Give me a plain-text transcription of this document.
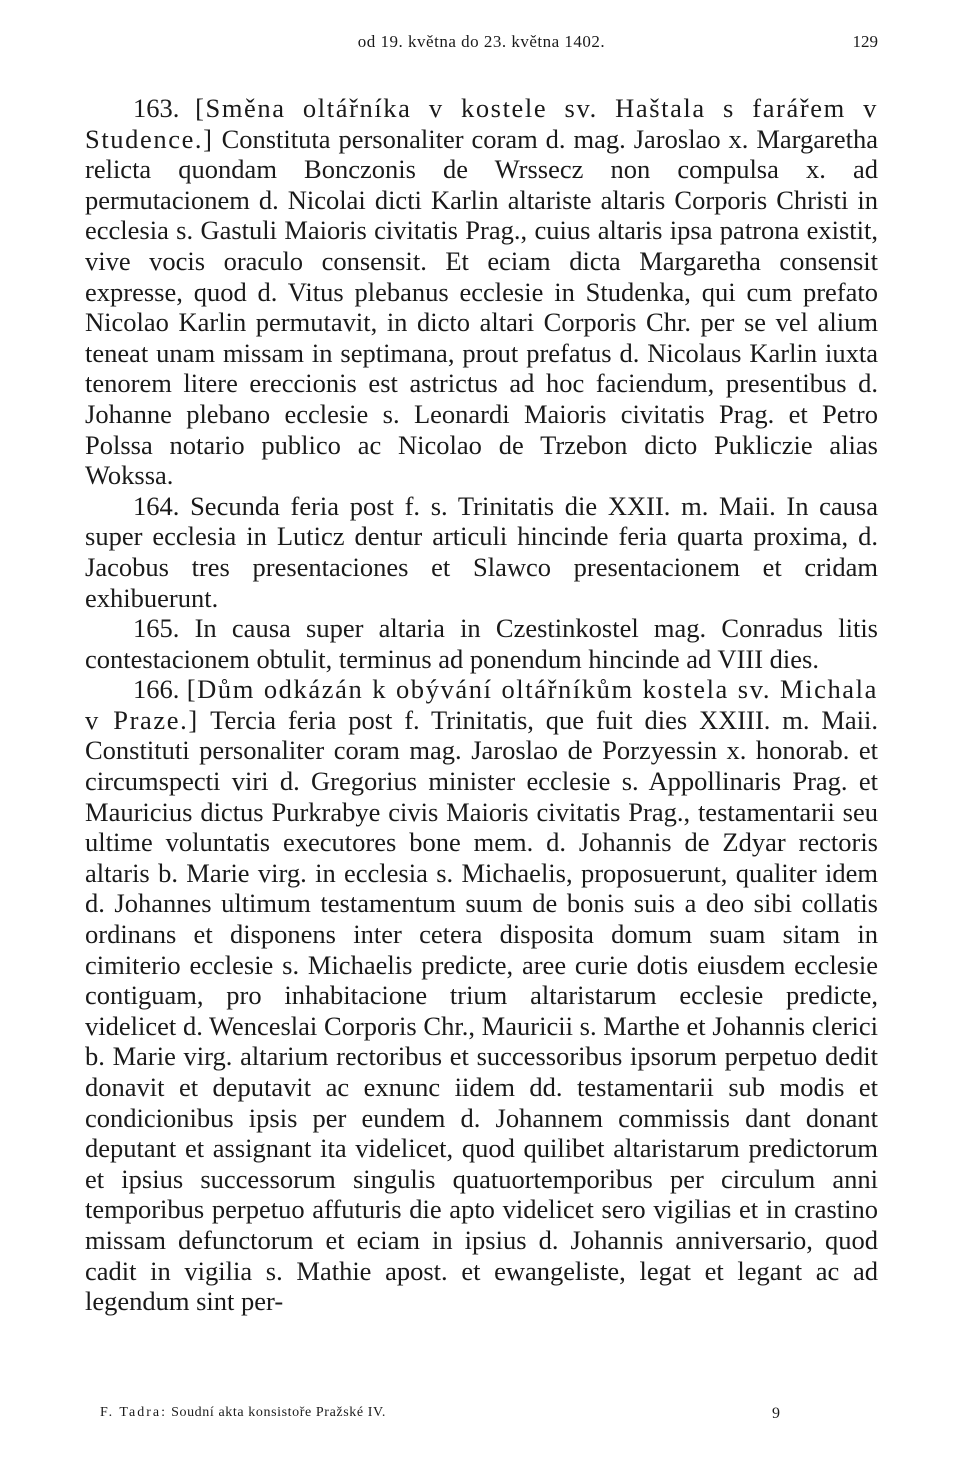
od 19. května do 23. května 1402.	129

163. [Směna oltářníka v kostele sv. Haštala s farářem v Studence.] Constituta personaliter coram d. mag. Jaroslao x. Margaretha relicta quondam Bonczonis de Wrssecz non compulsa x. ad permutacionem d. Nicolai dicti Karlin altariste altaris Corporis Christi in ecclesia s. Gastuli Maioris civitatis Prag., cuius altaris ipsa patrona existit, vive vocis oraculo consensit. Et eciam dicta Margaretha consensit expresse, quod d. Vitus plebanus ecclesie in Studenka, qui cum prefato Nicolao Karlin permutavit, in dicto altari Corporis Chr. per se vel alium teneat unam missam in septimana, prout prefatus d. Nicolaus Karlin iuxta tenorem litere ereccionis est astrictus ad hoc faciendum, presentibus d. Johanne plebano ecclesie s. Leonardi Maioris civitatis Prag. et Petro Polssa notario publico ac Nicolao de Trzebon dicto Pukliczie alias Wokssa.

164. Secunda feria post f. s. Trinitatis die XXII. m. Maii. In causa super ecclesia in Luticz dentur articuli hincinde feria quarta proxima, d. Jacobus tres presentaciones et Slawco presentacionem et cridam exhibuerunt.

165. In causa super altaria in Czestinkostel mag. Conradus litis contestacionem obtulit, terminus ad ponendum hincinde ad VIII dies.

166. [Dům odkázán k obývání oltářníkům kostela sv. Michala v Praze.] Tercia feria post f. Trinitatis, que fuit dies XXIII. m. Maii. Constituti personaliter coram mag. Jaroslao de Porzyessin x. honorab. et circumspecti viri d. Gregorius minister ecclesie s. Appollinaris Prag. et Mauricius dictus Purkrabye civis Maioris civitatis Prag., testamentarii seu ultime voluntatis executores bone mem. d. Johannis de Zdyar rectoris altaris b. Marie virg. in ecclesia s. Michaelis, proposuerunt, qualiter idem d. Johannes ultimum testamentum suum de bonis suis a deo sibi collatis ordinans et disponens inter cetera disposita domum suam sitam in cimiterio ecclesie s. Michaelis predicte, aree curie dotis eiusdem ecclesie contiguam, pro inhabitacione trium altaristarum ecclesie predicte, videlicet d. Wenceslai Corporis Chr., Mauricii s. Marthe et Johannis clerici b. Marie virg. altarium rectoribus et successoribus ipsorum perpetuo dedit donavit et deputavit ac exnunc iidem dd. testamentarii sub modis et condicionibus ipsis per eundem d. Johannem commissis dant donant deputant et assignant ita videlicet, quod quilibet altaristarum predictorum et ipsius successorum singulis quatuortemporibus per circulum anni temporibus perpetuo affuturis die apto videlicet sero vigilias et in crastino missam defunctorum et eciam in ipsius d. Johannis anniversario, quod cadit in vigilia s. Mathie apost. et ewangeliste, legat et legant ac ad legendum sint per-

F. Tadra: Soudní akta konsistoře Pražské IV.	9
